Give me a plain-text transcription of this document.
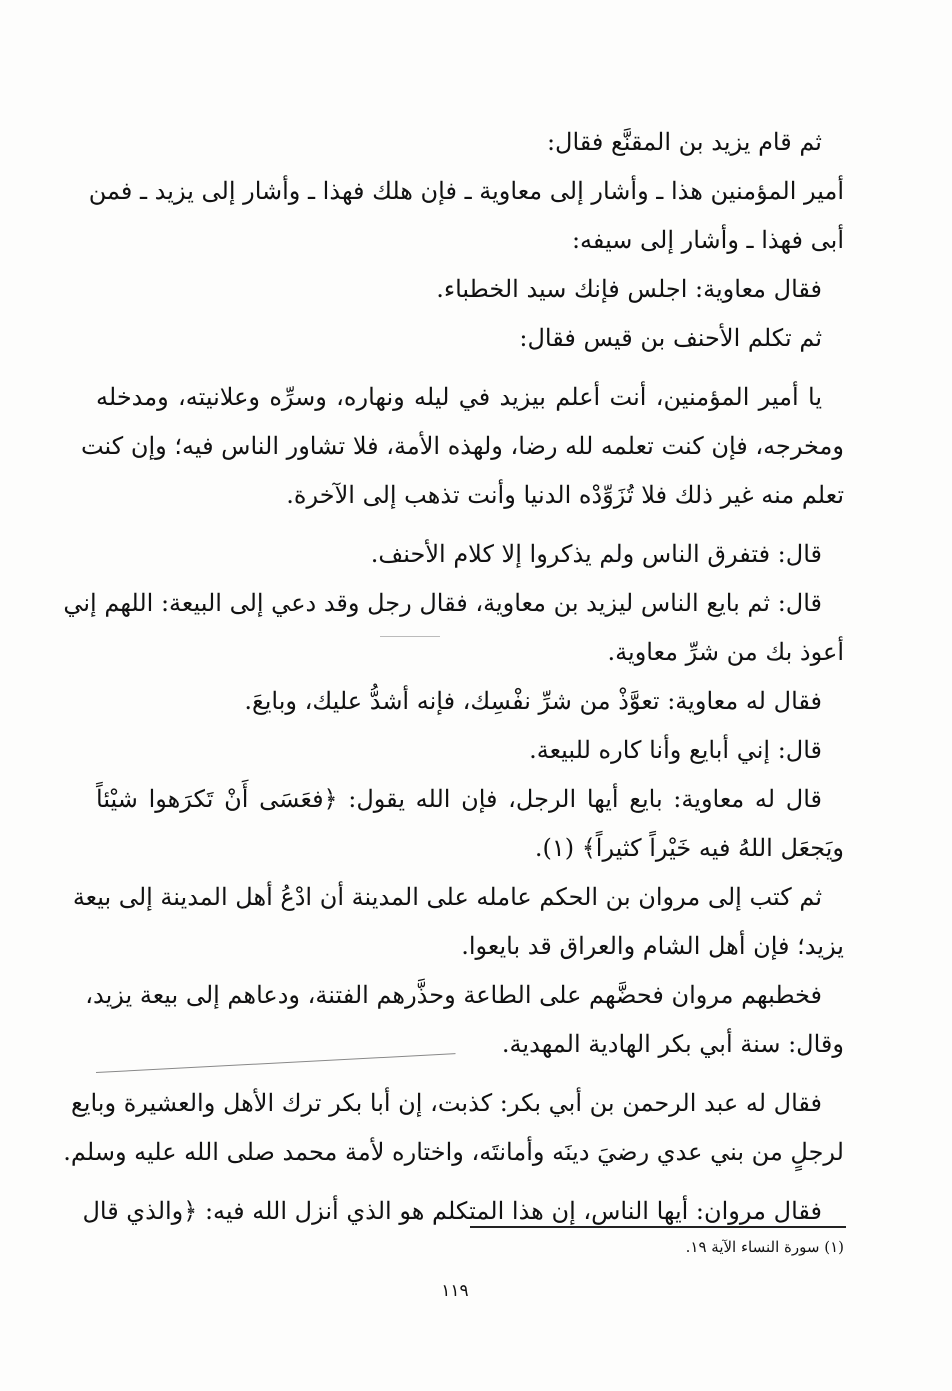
ثم قام يزيد بن المقنَّع فقال:
أمير المؤمنين هذا ـ وأشار إلى معاوية ـ فإن هلك فهذا ـ وأشار إلى يزيد ـ فمن
أبى فهذا ـ وأشار إلى سيفه:
فقال معاوية: اجلس فإنك سيد الخطباء.
ثم تكلم الأحنف بن قيس فقال:
يا أمير المؤمنين، أنت أعلم بيزيد في ليله ونهاره، وسرِّه وعلانيته، ومدخله
ومخرجه، فإن كنت تعلمه لله رضا، ولهذه الأمة، فلا تشاور الناس فيه؛ وإن كنت
تعلم منه غير ذلك فلا تُزَوِّدْه الدنيا وأنت تذهب إلى الآخرة.
قال: فتفرق الناس ولم يذكروا إلا كلام الأحنف.
قال: ثم بايع الناس ليزيد بن معاوية، فقال رجل وقد دعي إلى البيعة: اللهم إني
أعوذ بك من شرِّ معاوية.
فقال له معاوية: تعوَّذْ من شرِّ نفْسِك، فإنه أشدُّ عليك، وبايعَ.
قال: إني أبايع وأنا كاره للبيعة.
قال له معاوية: بايع أيها الرجل، فإن الله يقول: ﴿فعَسَى أَنْ تَكرَهوا شيْئاً
ويَجعَل اللهُ فيه خَيْراً كثيراً﴾ (١).
ثم كتب إلى مروان بن الحكم عامله على المدينة أن ادْعُ أهل المدينة إلى بيعة
يزيد؛ فإن أهل الشام والعراق قد بايعوا.
فخطبهم مروان فحضَّهم على الطاعة وحذَّرهم الفتنة، ودعاهم إلى بيعة يزيد،
وقال: سنة أبي بكر الهادية المهدية.
فقال له عبد الرحمن بن أبي بكر: كذبت، إن أبا بكر ترك الأهل والعشيرة وبايع
لرجلٍ من بني عدي رضيَ دينَه وأمانتَه، واختاره لأمة محمد صلى الله عليه وسلم.
فقال مروان: أيها الناس، إن هذا المتكلم هو الذي أنزل الله فيه: ﴿والذي قال
(١) سورة النساء الآية ١٩.
١١٩
